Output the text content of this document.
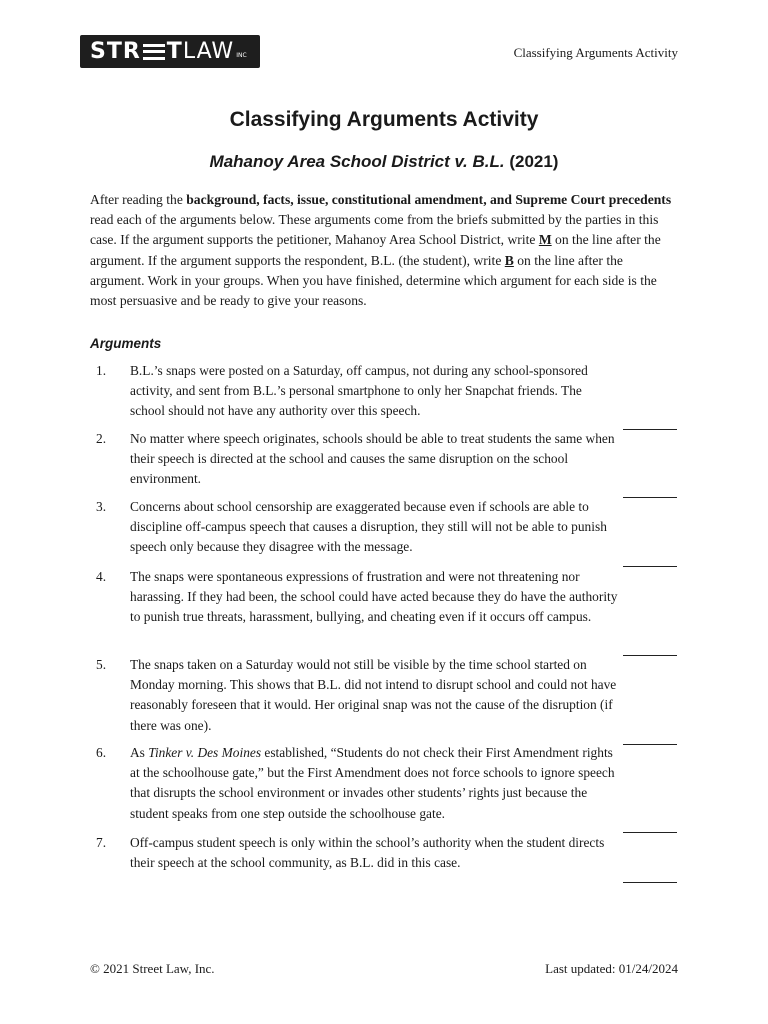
STR T LAW INC	Classifying Arguments Activity
Classifying Arguments Activity
Mahanoy Area School District v. B.L. (2021)

After reading the background, facts, issue, constitutional amendment, and Supreme Court precedents read each of the arguments below. These arguments come from the briefs submitted by the parties in this case. If the argument supports the petitioner, Mahanoy Area School District, write M on the line after the argument. If the argument supports the respondent, B.L. (the student), write B on the line after the argument. Work in your groups. When you have finished, determine which argument for each side is the most persuasive and be ready to give your reasons.

Arguments
1. B.L.’s snaps were posted on a Saturday, off campus, not during any school-sponsored activity, and sent from B.L.’s personal smartphone to only her Snapchat friends. The school should not have any authority over this speech.
2. No matter where speech originates, schools should be able to treat students the same when their speech is directed at the school and causes the same disruption on the school environment.
3. Concerns about school censorship are exaggerated because even if schools are able to discipline off-campus speech that causes a disruption, they still will not be able to punish speech only because they disagree with the message.
4. The snaps were spontaneous expressions of frustration and were not threatening nor harassing. If they had been, the school could have acted because they do have the authority to punish true threats, harassment, bullying, and cheating even if it occurs off campus.
5. The snaps taken on a Saturday would not still be visible by the time school started on Monday morning. This shows that B.L. did not intend to disrupt school and could not have reasonably foreseen that it would. Her original snap was not the cause of the disruption (if there was one).
6. As Tinker v. Des Moines established, “Students do not check their First Amendment rights at the schoolhouse gate,” but the First Amendment does not force schools to ignore speech that disrupts the school environment or invades other students’ rights just because the student speaks from one step outside the schoolhouse gate.
7. Off-campus student speech is only within the school’s authority when the student directs their speech at the school community, as B.L. did in this case.
© 2021 Street Law, Inc.	Last updated: 01/24/2024
